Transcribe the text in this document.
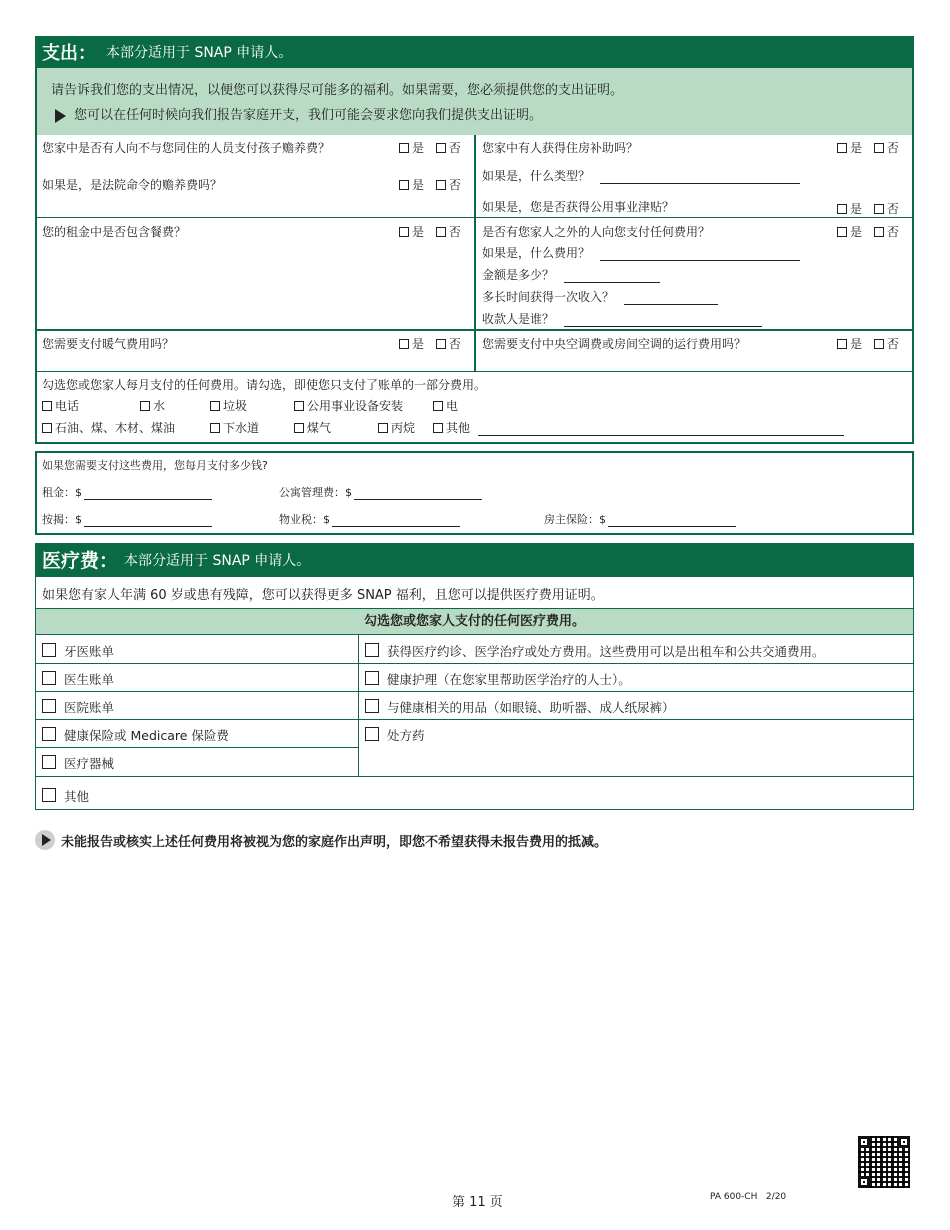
支出： 本部分适用于 SNAP 申请人。
请告诉我们您的支出情况，以便您可以获得尽可能多的福利。如果需要，您必须提供您的支出证明。
您可以在任何时候向我们报告家庭开支，我们可能会要求您向我们提供支出证明。
您家中是否有人向不与您同住的人员支付孩子赡养费？	是 否
如果是，是法院命令的赡养费吗？	是 否
您家中有人获得住房补助吗？	是 否
如果是，什么类型？
如果是，您是否获得公用事业津贴？	是 否
您的租金中是否包含餐费？	是 否 是否有您家人之外的人向您支付任何费用？	是 否
如果是，什么费用？
金额是多少？
多长时间获得一次收入？
收款人是谁？
您需要支付暖气费用吗？	是 否 您需要支付中央空调费或房间空调的运行费用吗？	是 否
勾选您或您家人每月支付的任何费用。请勾选，即使您只支付了账单的一部分费用。
电话	水	垃圾	公用事业设备安装	电
石油、煤、木材、煤油	下水道	煤气	丙烷	其他
如果您需要支付这些费用，您每月支付多少钱?
租金：$	公寓管理费：$
按揭：$	物业税：$	房主保险：$
医疗费： 本部分适用于 SNAP 申请人。
如果您有家人年满 60 岁或患有残障，您可以获得更多 SNAP 福利，且您可以提供医疗费用证明。
勾选您或您家人支付的任何医疗费用。
牙医账单
医生账单
医院账单
健康保险或 Medicare 保险费
医疗器械
获得医疗约诊、医学治疗或处方费用。这些费用可以是出租车和公共交通费用。
健康护理（在您家里帮助医学治疗的人士）。
与健康相关的用品（如眼镜、助听器、成人纸尿裤）
处方药
其他
未能报告或核实上述任何费用将被视为您的家庭作出声明，即您不希望获得未报告费用的抵减。
第 11 页	PA 600-CH   2/20
